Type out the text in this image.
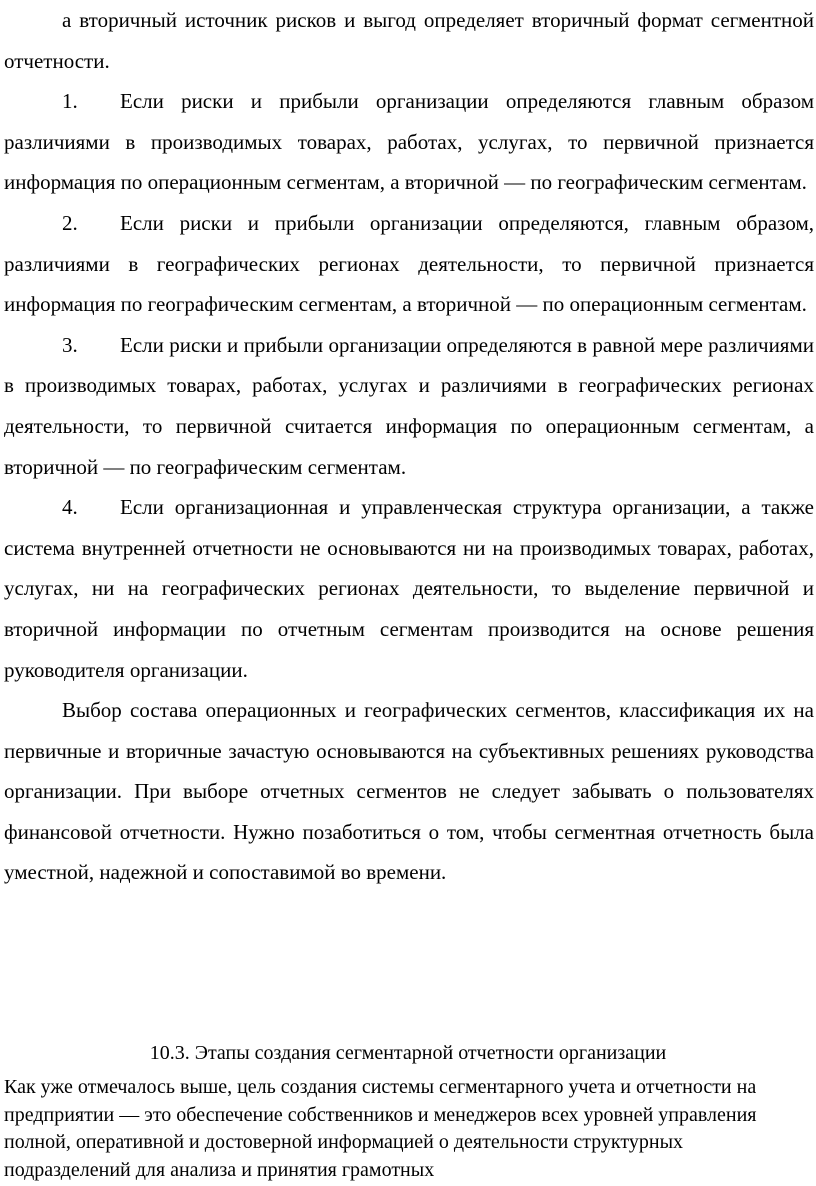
а вторичный источник рисков и выгод определяет вторичный формат сегментной отчетности.

1. Если риски и прибыли организации определяются главным образом различиями в производимых товарах, работах, услугах, то первичной признается информация по операционным сегментам, а вторичной — по географическим сегментам.

2. Если риски и прибыли организации определяются, главным образом, различиями в географических регионах деятельности, то первичной признается информация по географическим сегментам, а вторичной — по операционным сегментам.

3. Если риски и прибыли организации определяются в равной мере различиями в производимых товарах, работах, услугах и различиями в географических регионах деятельности, то первичной считается информация по операционным сегментам, а вторичной — по географическим сегментам.

4. Если организационная и управленческая структура организации, а также система внутренней отчетности не основываются ни на производимых товарах, работах, услугах, ни на географических регионах деятельности, то выделение первичной и вторичной информации по отчетным сегментам производится на основе решения руководителя организации.

Выбор состава операционных и географических сегментов, классификация их на первичные и вторичные зачастую основываются на субъективных решениях руководства организации. При выборе отчетных сегментов не следует забывать о пользователях финансовой отчетности. Нужно позаботиться о том, чтобы сегментная отчетность была уместной, надежной и сопоставимой во времени.

10.3. Этапы создания сегментарной отчетности организации

Как уже отмечалось выше, цель создания системы сегментарного учета и отчетности на предприятии — это обеспечение собственников и менеджеров всех уровней управления полной, оперативной и достоверной информацией о деятельности структурных подразделений для анализа и принятия грамотных
